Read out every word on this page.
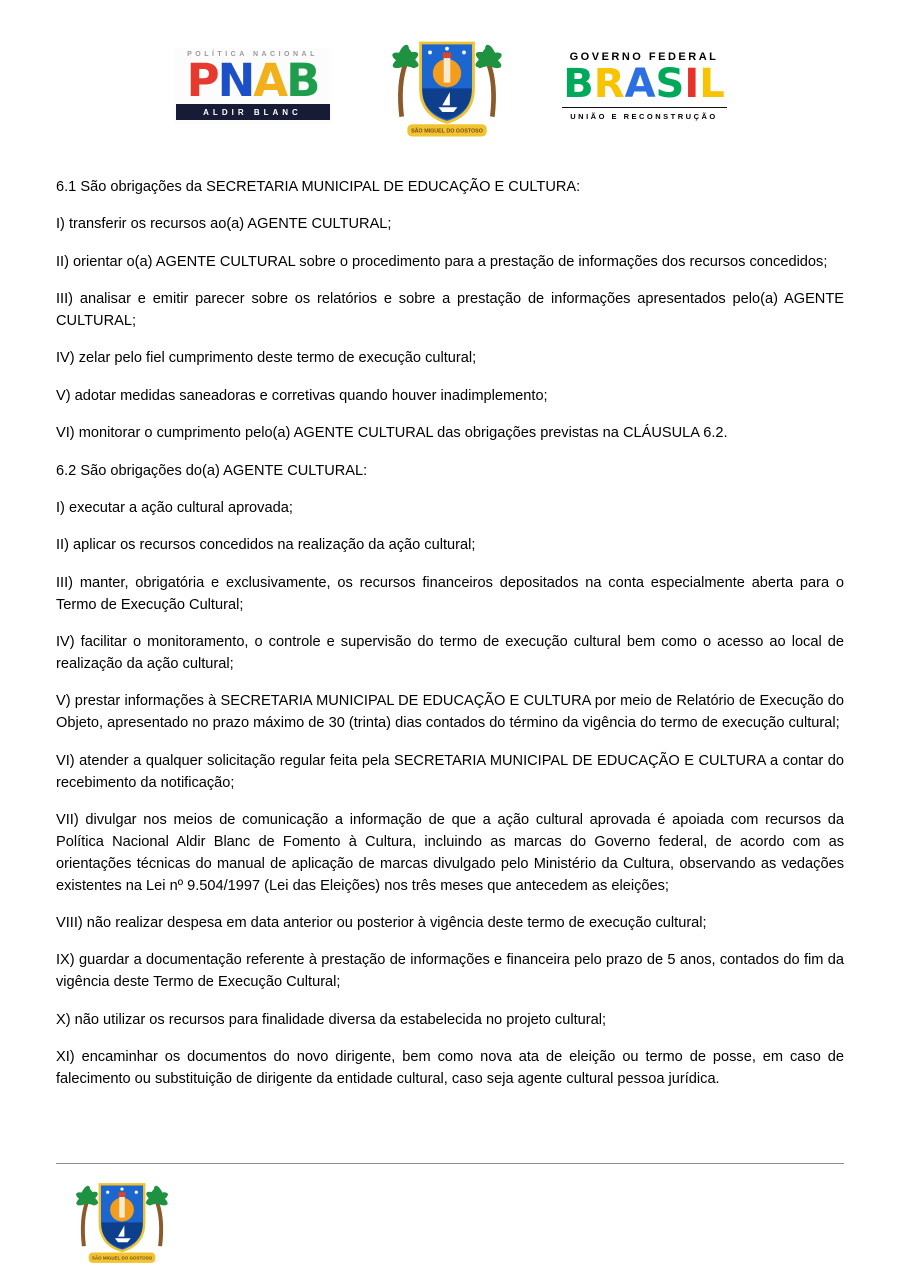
POLÍTICA NACIONAL
PNAB
ALDIR BLANC
SÃO MIGUEL DO GOSTOSO
GOVERNO FEDERAL
BRASIL
UNIÃO E RECONSTRUÇÃO

6.1 São obrigações da SECRETARIA MUNICIPAL DE EDUCAÇÃO E CULTURA:

I) transferir os recursos ao(a) AGENTE CULTURAL;

II) orientar o(a) AGENTE CULTURAL sobre o procedimento para a prestação de informações dos recursos concedidos;

III) analisar e emitir parecer sobre os relatórios e sobre a prestação de informações apresentados pelo(a) AGENTE CULTURAL;

IV) zelar pelo fiel cumprimento deste termo de execução cultural;

V) adotar medidas saneadoras e corretivas quando houver inadimplemento;

VI) monitorar o cumprimento pelo(a) AGENTE CULTURAL das obrigações previstas na CLÁUSULA 6.2.

6.2 São obrigações do(a) AGENTE CULTURAL:

I) executar a ação cultural aprovada;

II) aplicar os recursos concedidos na realização da ação cultural;

III) manter, obrigatória e exclusivamente, os recursos financeiros depositados na conta especialmente aberta para o Termo de Execução Cultural;

IV) facilitar o monitoramento, o controle e supervisão do termo de execução cultural bem como o acesso ao local de realização da ação cultural;

V) prestar informações à SECRETARIA MUNICIPAL DE EDUCAÇÃO E CULTURA por meio de Relatório de Execução do Objeto, apresentado no prazo máximo de 30 (trinta) dias contados do término da vigência do termo de execução cultural;

VI) atender a qualquer solicitação regular feita pela SECRETARIA MUNICIPAL DE EDUCAÇÃO E CULTURA a contar do recebimento da notificação;

VII) divulgar nos meios de comunicação a informação de que a ação cultural aprovada é apoiada com recursos da Política Nacional Aldir Blanc de Fomento à Cultura, incluindo as marcas do Governo federal, de acordo com as orientações técnicas do manual de aplicação de marcas divulgado pelo Ministério da Cultura, observando as vedações existentes na Lei nº 9.504/1997 (Lei das Eleições) nos três meses que antecedem as eleições;

VIII) não realizar despesa em data anterior ou posterior à vigência deste termo de execução cultural;

IX) guardar a documentação referente à prestação de informações e financeira pelo prazo de 5 anos, contados do fim da vigência deste Termo de Execução Cultural;

X) não utilizar os recursos para finalidade diversa da estabelecida no projeto cultural;

XI) encaminhar os documentos do novo dirigente, bem como nova ata de eleição ou termo de posse, em caso de falecimento ou substituição de dirigente da entidade cultural, caso seja agente cultural pessoa jurídica.

SÃO MIGUEL DO GOSTOSO
